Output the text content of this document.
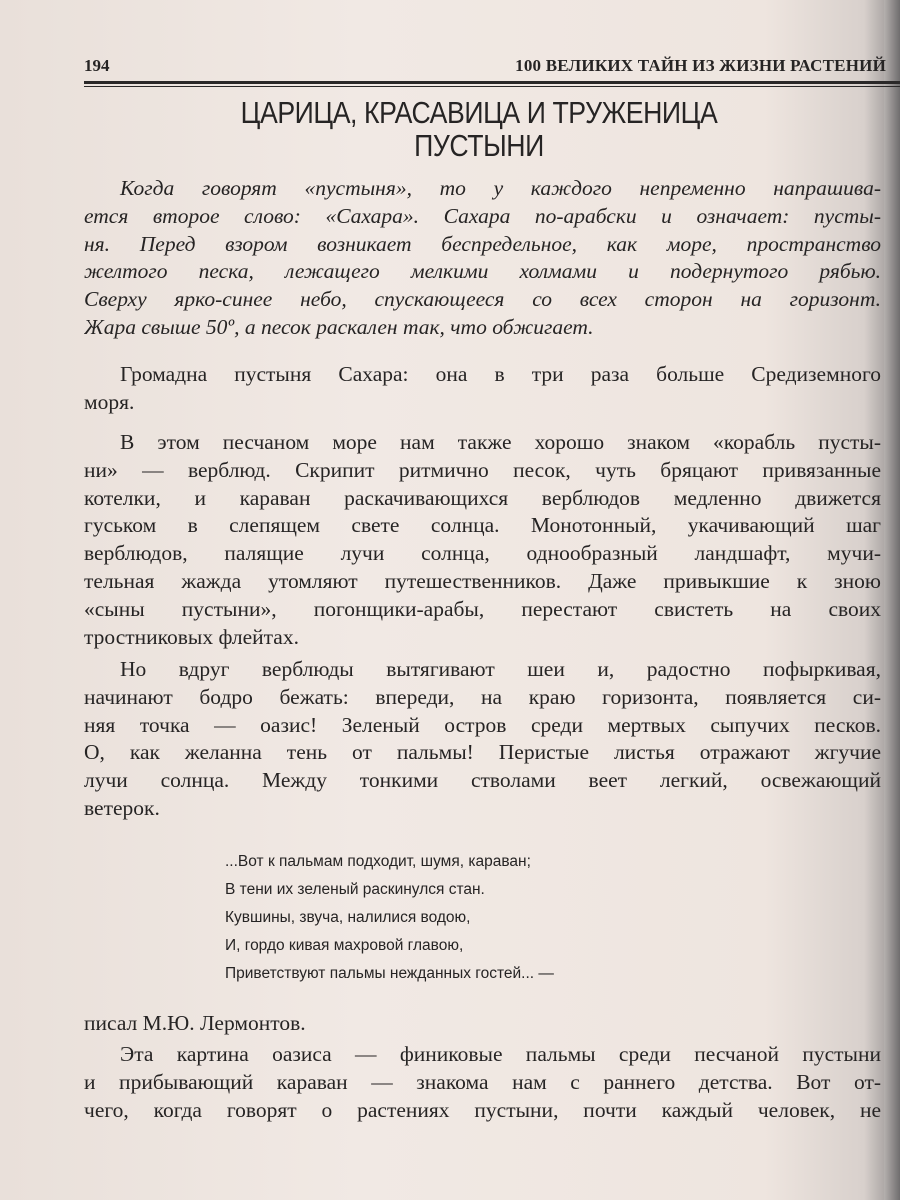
194	100 ВЕЛИКИХ ТАЙН ИЗ ЖИЗНИ РАСТЕНИЙ
ЦАРИЦА, КРАСАВИЦА И ТРУЖЕНИЦА
ПУСТЫНИ
Когда говорят «пустыня», то у каждого непременно напрашива-
ется второе слово: «Сахара». Сахара по-арабски и означает: пусты-
ня. Перед взором возникает беспредельное, как море, пространство
желтого песка, лежащего мелкими холмами и подернутого рябью.
Сверху ярко-синее небо, спускающееся со всех сторон на горизонт.
Жара свыше 50º, а песок раскален так, что обжигает.
Громадна пустыня Сахара: она в три раза больше Средиземного
моря.
В этом песчаном море нам также хорошо знаком «корабль пусты-
ни» — верблюд. Скрипит ритмично песок, чуть бряцают привязанные
котелки, и караван раскачивающихся верблюдов медленно движется
гуськом в слепящем свете солнца. Монотонный, укачивающий шаг
верблюдов, палящие лучи солнца, однообразный ландшафт, мучи-
тельная жажда утомляют путешественников. Даже привыкшие к зною
«сыны пустыни», погонщики-арабы, перестают свистеть на своих
тростниковых флейтах.
Но вдруг верблюды вытягивают шеи и, радостно пофыркивая,
начинают бодро бежать: впереди, на краю горизонта, появляется си-
няя точка — оазис! Зеленый остров среди мертвых сыпучих песков.
О, как желанна тень от пальмы! Перистые листья отражают жгучие
лучи солнца. Между тонкими стволами веет легкий, освежающий
ветерок.
...Вот к пальмам подходит, шумя, караван;
В тени их зеленый раскинулся стан.
Кувшины, звуча, налилися водою,
И, гордо кивая махровой главою,
Приветствуют пальмы нежданных гостей... —
писал М.Ю. Лермонтов.
Эта картина оазиса — финиковые пальмы среди песчаной пустыни
и прибывающий караван — знакома нам с раннего детства. Вот от-
чего, когда говорят о растениях пустыни, почти каждый человек, не
